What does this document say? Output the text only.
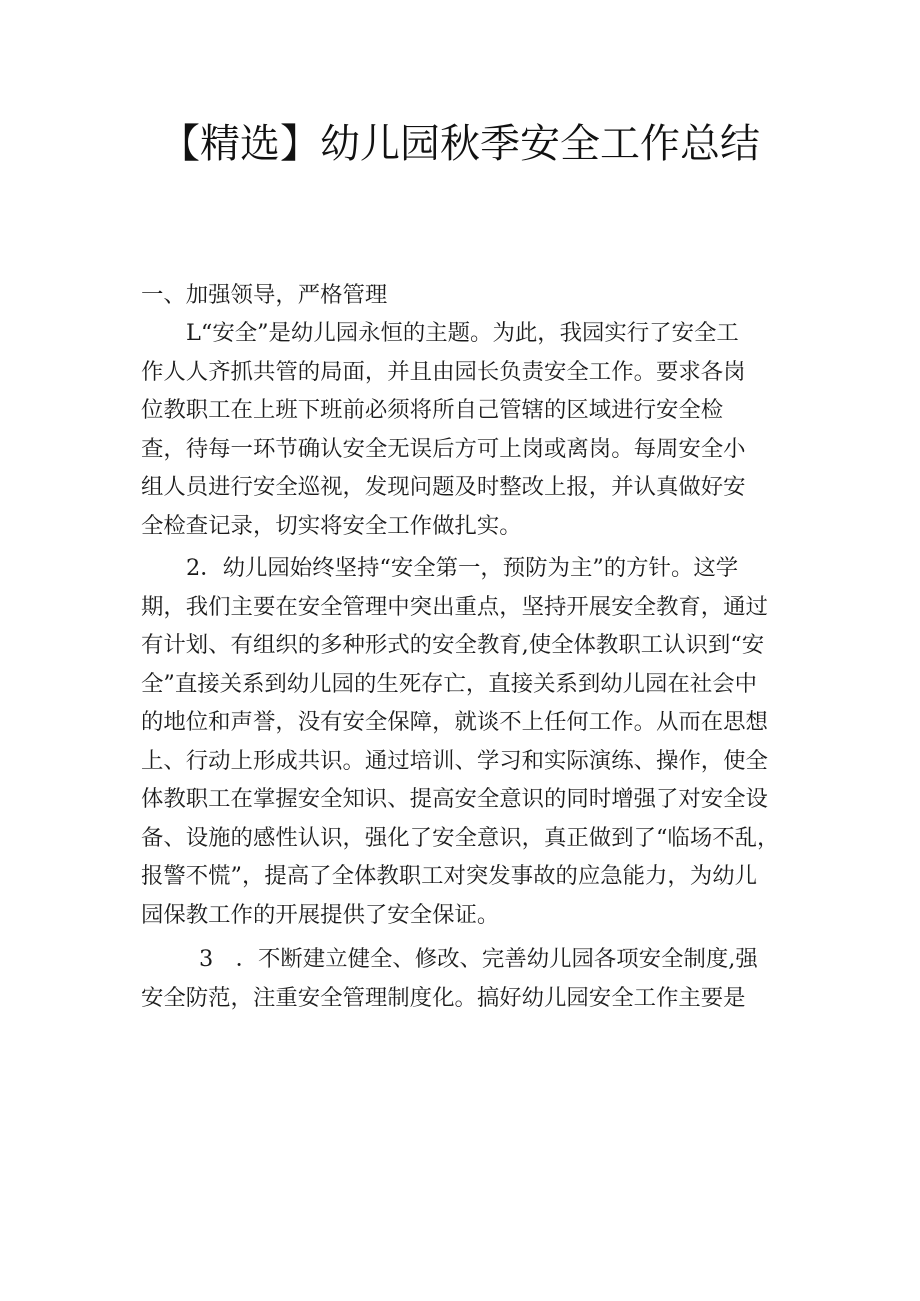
【精选】幼儿园秋季安全工作总结
一、加强领导，严格管理
L“安全”是幼儿园永恒的主题。为此，我园实行了安全工
作人人齐抓共管的局面，并且由园长负责安全工作。要求各岗
位教职工在上班下班前必须将所自己管辖的区域进行安全检
查，待每一环节确认安全无误后方可上岗或离岗。每周安全小
组人员进行安全巡视，发现问题及时整改上报，并认真做好安
全检查记录，切实将安全工作做扎实。
2．幼儿园始终坚持“安全第一，预防为主”的方针。这学
期，我们主要在安全管理中突出重点，坚持开展安全教育，通过
有计划、有组织的多种形式的安全教育,使全体教职工认识到“安
全”直接关系到幼儿园的生死存亡，直接关系到幼儿园在社会中
的地位和声誉，没有安全保障，就谈不上任何工作。从而在思想
上、行动上形成共识。通过培训、学习和实际演练、操作，使全
体教职工在掌握安全知识、提高安全意识的同时增强了对安全设
备、设施的感性认识，强化了安全意识，真正做到了“临场不乱，
报警不慌”，提高了全体教职工对突发事故的应急能力，为幼儿
园保教工作的开展提供了安全保证。
3　．不断建立健全、修改、完善幼儿园各项安全制度,强
安全防范，注重安全管理制度化。搞好幼儿园安全工作主要是
